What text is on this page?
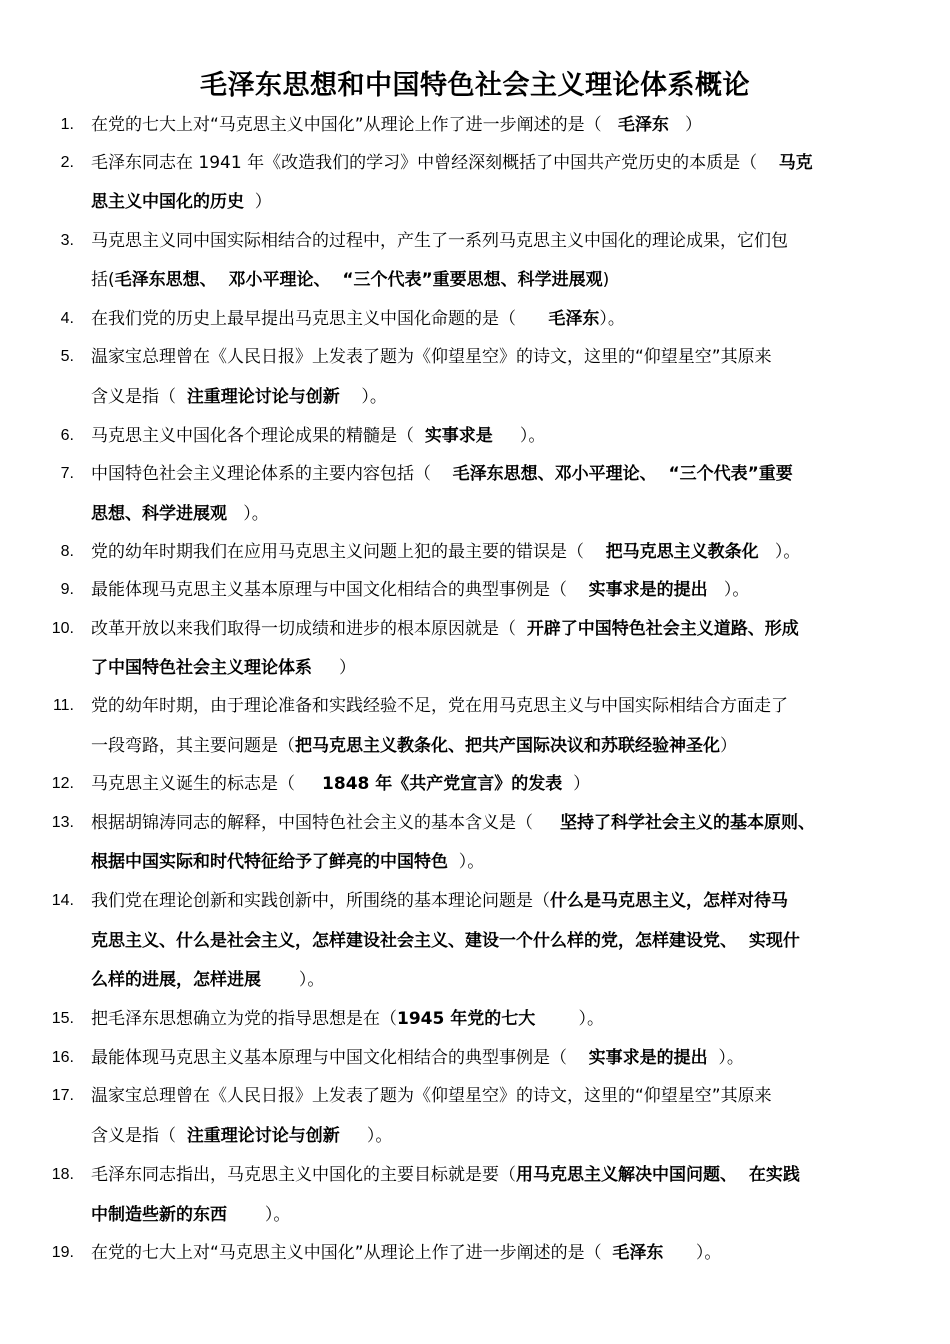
毛泽东思想和中国特色社会主义理论体系概论
1. 在党的七大上对“马克思主义中国化”从理论上作了进一步阐述的是（   毛泽东   ）
2. 毛泽东同志在 1941 年《改造我们的学习》中曾经深刻概括了中国共产党历史的本质是（    马克
思主义中国化的历史  ）
3. 马克思主义同中国实际相结合的过程中，产生了一系列马克思主义中国化的理论成果，它们包
括(毛泽东思想、  邓小平理论、  “三个代表”重要思想、科学进展观)
4. 在我们党的历史上最早提出马克思主义中国化命题的是（      毛泽东）。
5. 温家宝总理曾在《人民日报》上发表了题为《仰望星空》的诗文，这里的“仰望星空”其原来
含义是指（  注重理论讨论与创新    ）。
6. 马克思主义中国化各个理论成果的精髓是（  实事求是     ）。
7. 中国特色社会主义理论体系的主要内容包括（    毛泽东思想、邓小平理论、  “三个代表”重要
思想、科学进展观   ）。
8. 党的幼年时期我们在应用马克思主义问题上犯的最主要的错误是（    把马克思主义教条化   ）。
9. 最能体现马克思主义基本原理与中国文化相结合的典型事例是（    实事求是的提出   ）。
10. 改革开放以来我们取得一切成绩和进步的根本原因就是（  开辟了中国特色社会主义道路、形成
了中国特色社会主义理论体系     ）
11. 党的幼年时期，由于理论准备和实践经验不足，党在用马克思主义与中国实际相结合方面走了
一段弯路，其主要问题是（把马克思主义教条化、把共产国际决议和苏联经验神圣化）
12. 马克思主义诞生的标志是（     1848 年《共产党宣言》的发表  ）
13. 根据胡锦涛同志的解释，中国特色社会主义的基本含义是（     坚持了科学社会主义的基本原则、
根据中国实际和时代特征给予了鲜亮的中国特色  ）。
14. 我们党在理论创新和实践创新中，所围绕的基本理论问题是（什么是马克思主义，怎样对待马
克思主义、什么是社会主义，怎样建设社会主义、建设一个什么样的党，怎样建设党、  实现什
么样的进展，怎样进展       ）。
15. 把毛泽东思想确立为党的指导思想是在（1945 年党的七大        ）。
16. 最能体现马克思主义基本原理与中国文化相结合的典型事例是（    实事求是的提出  ）。
17. 温家宝总理曾在《人民日报》上发表了题为《仰望星空》的诗文，这里的“仰望星空”其原来
含义是指（  注重理论讨论与创新     ）。
18. 毛泽东同志指出，马克思主义中国化的主要目标就是要（用马克思主义解决中国问题、  在实践
中制造些新的东西       ）。
19. 在党的七大上对“马克思主义中国化”从理论上作了进一步阐述的是（  毛泽东      ）。
